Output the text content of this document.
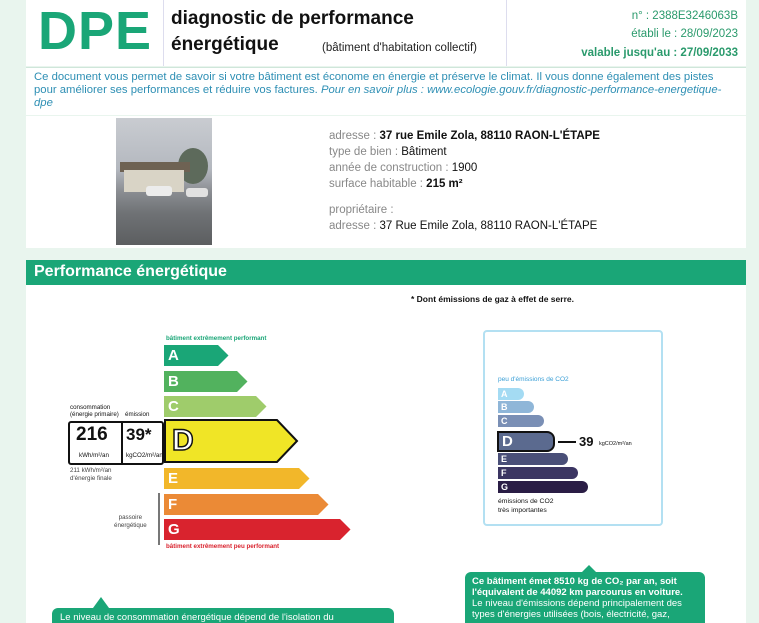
DPE diagnostic de performance
énergétique	(bâtiment d'habitation collectif)
n° : 2388E3246063B
établi le : 28/09/2023
valable jusqu'au : 27/09/2033
Ce document vous permet de savoir si votre bâtiment est économe en énergie et préserve le climat. Il vous donne également des pistes pour améliorer ses performances et réduire vos factures. Pour en savoir plus : www.ecologie.gouv.fr/diagnostic-performance-energetique-dpe
adresse : 37 rue Emile Zola, 88110 RAON-L'ÉTAPE
type de bien : Bâtiment
année de construction : 1900
surface habitable : 215 m²
propriétaire :
adresse : 37 Rue Emile Zola, 88110 RAON-L'ÉTAPE
Performance énergétique
* Dont émissions de gaz à effet de serre.
bâtiment extrêmement performant
A
B
C
D
E
F
G
bâtiment extrêmement peu performant
consommation
(énergie primaire) émission
216
kWh/m²/an
39*
kgCO2/m²/an
211 kWh/m²/an
d'énergie finale
passoire
énergétique
peu d'émissions de CO2
A
B
C
D
E
F
G
39 kgCO2/m²/an
émissions de CO2
très importantes
Ce bâtiment émet 8510 kg de CO₂ par an, soit
l'équivalent de 44092 km parcourus en voiture.
Le niveau d'émissions dépend principalement des
types d'énergies utilisées (bois, électricité, gaz,
Le niveau de consommation énergétique dépend de l'isolation du
